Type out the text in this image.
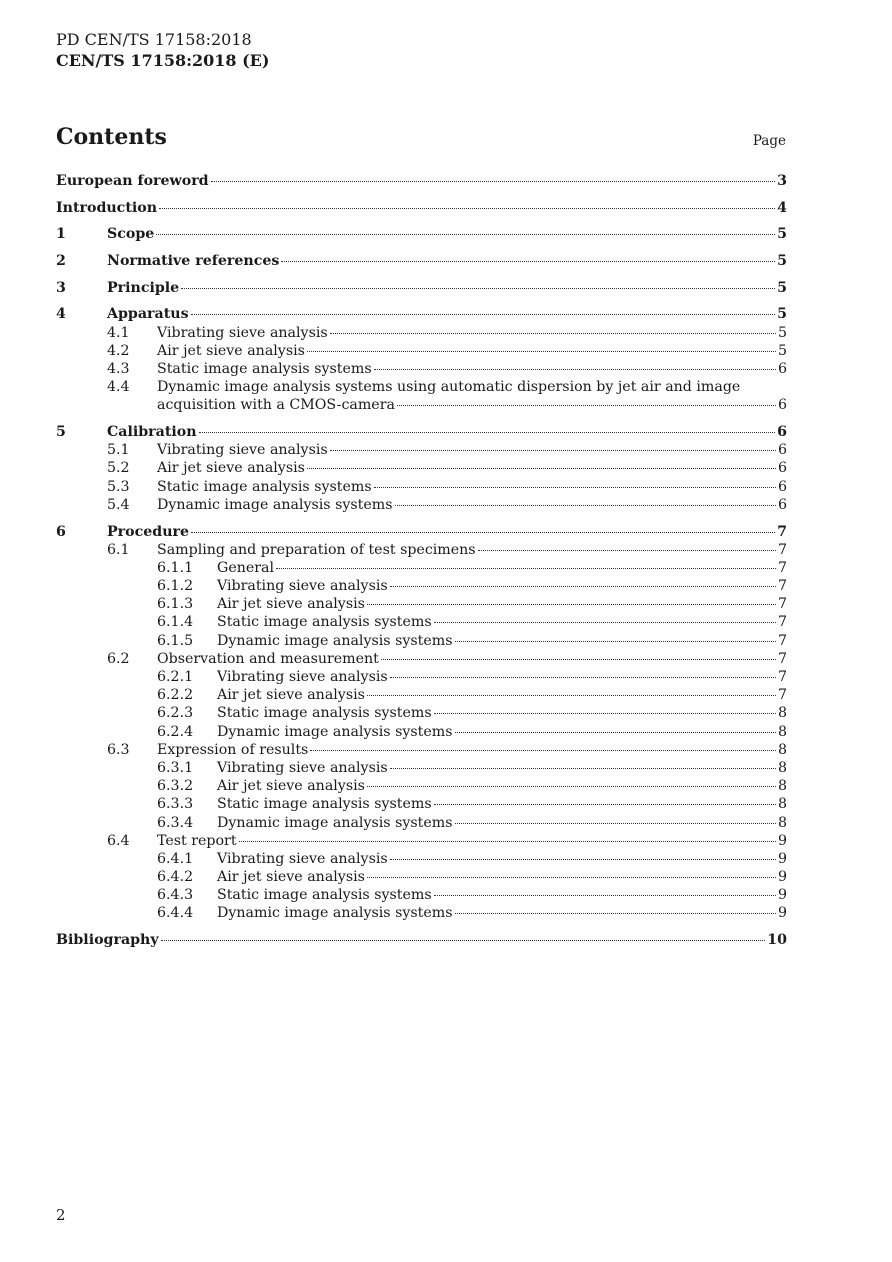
PD CEN/TS 17158:2018
CEN/TS 17158:2018 (E)
Contents	Page
European foreword	3
Introduction	4
1	Scope	5
2	Normative references	5
3	Principle	5
4	Apparatus	5
4.1	Vibrating sieve analysis	5
4.2	Air jet sieve analysis	5
4.3	Static image analysis systems	6
4.4	Dynamic image analysis systems using automatic dispersion by jet air and image
acquisition with a CMOS-camera	6
5	Calibration	6
5.1	Vibrating sieve analysis	6
5.2	Air jet sieve analysis	6
5.3	Static image analysis systems	6
5.4	Dynamic image analysis systems	6
6	Procedure	7
6.1	Sampling and preparation of test specimens	7
6.1.1	General	7
6.1.2	Vibrating sieve analysis	7
6.1.3	Air jet sieve analysis	7
6.1.4	Static image analysis systems	7
6.1.5	Dynamic image analysis systems	7
6.2	Observation and measurement	7
6.2.1	Vibrating sieve analysis	7
6.2.2	Air jet sieve analysis	7
6.2.3	Static image analysis systems	8
6.2.4	Dynamic image analysis systems	8
6.3	Expression of results	8
6.3.1	Vibrating sieve analysis	8
6.3.2	Air jet sieve analysis	8
6.3.3	Static image analysis systems	8
6.3.4	Dynamic image analysis systems	8
6.4	Test report	9
6.4.1	Vibrating sieve analysis	9
6.4.2	Air jet sieve analysis	9
6.4.3	Static image analysis systems	9
6.4.4	Dynamic image analysis systems	9
Bibliography	10
2
